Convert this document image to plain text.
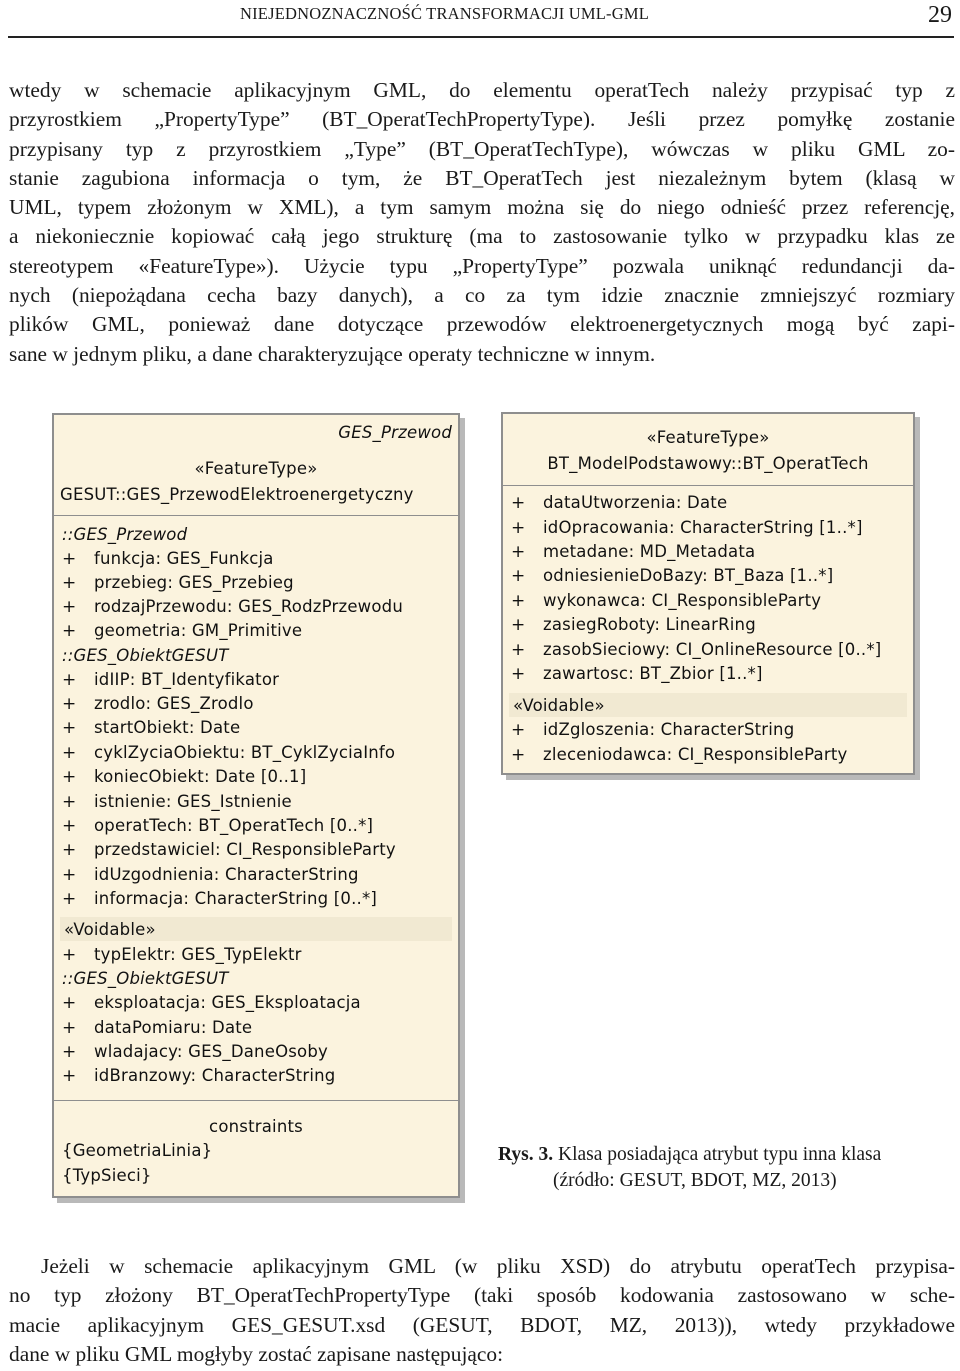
NIEJEDNOZNACZNOŚĆ TRANSFORMACJI UML-GML	29
wtedy w schemacie aplikacyjnym GML, do elementu operatTech należy przypisać typ z
przyrostkiem „PropertyType” (BT_OperatTechPropertyType). Jeśli przez pomyłkę zostanie
przypisany typ z przyrostkiem „Type” (BT_OperatTechType), wówczas w pliku GML zo-
stanie zagubiona informacja o tym, że BT_OperatTech jest niezależnym bytem (klasą w
UML, typem złożonym w XML), a tym samym można się do niego odnieść przez referencję,
a niekoniecznie kopiować całą jego strukturę (ma to zastosowanie tylko w przypadku klas ze
stereotypem «FeatureType»). Użycie typu „PropertyType” pozwala uniknąć redundancji da-
nych (niepożądana cecha bazy danych), a co za tym idzie znacznie zmniejszyć rozmiary
plików GML, ponieważ dane dotyczące przewodów elektroenergetycznych mogą być zapi-
sane w jednym pliku, a dane charakteryzujące operaty techniczne w innym.
GES_Przewod
«FeatureType»
GESUT::GES_PrzewodElektroenergetyczny
::GES_Przewod
+ funkcja: GES_Funkcja
+ przebieg: GES_Przebieg
+ rodzajPrzewodu: GES_RodzPrzewodu
+ geometria: GM_Primitive
::GES_ObiektGESUT
+ idIIP: BT_Identyfikator
+ zrodlo: GES_Zrodlo
+ startObiekt: Date
+ cyklZyciaObiektu: BT_CyklZyciaInfo
+ koniecObiekt: Date [0..1]
+ istnienie: GES_Istnienie
+ operatTech: BT_OperatTech [0..*]
+ przedstawiciel: CI_ResponsibleParty
+ idUzgodnienia: CharacterString
+ informacja: CharacterString [0..*]
«Voidable»
+ typElektr: GES_TypElektr
::GES_ObiektGESUT
+ eksploatacja: GES_Eksploatacja
+ dataPomiaru: Date
+ wladajacy: GES_DaneOsoby
+ idBranzowy: CharacterString
constraints
{GeometriaLinia}
{TypSieci}
«FeatureType»
BT_ModelPodstawowy::BT_OperatTech
+ dataUtworzenia: Date
+ idOpracowania: CharacterString [1..*]
+ metadane: MD_Metadata
+ odniesienieDoBazy: BT_Baza [1..*]
+ wykonawca: CI_ResponsibleParty
+ zasiegRoboty: LinearRing
+ zasobSieciowy: CI_OnlineResource [0..*]
+ zawartosc: BT_Zbior [1..*]
«Voidable»
+ idZgloszenia: CharacterString
+ zleceniodawca: CI_ResponsibleParty
Rys. 3. Klasa posiadająca atrybut typu inna klasa
(źródło: GESUT, BDOT, MZ, 2013)
Jeżeli w schemacie aplikacyjnym GML (w pliku XSD) do atrybutu operatTech przypisa-
no typ złożony BT_OperatTechPropertyType (taki sposób kodowania zastosowano w sche-
macie aplikacyjnym GES_GESUT.xsd (GESUT, BDOT, MZ, 2013)), wtedy przykładowe
dane w pliku GML mogłyby zostać zapisane następująco:
